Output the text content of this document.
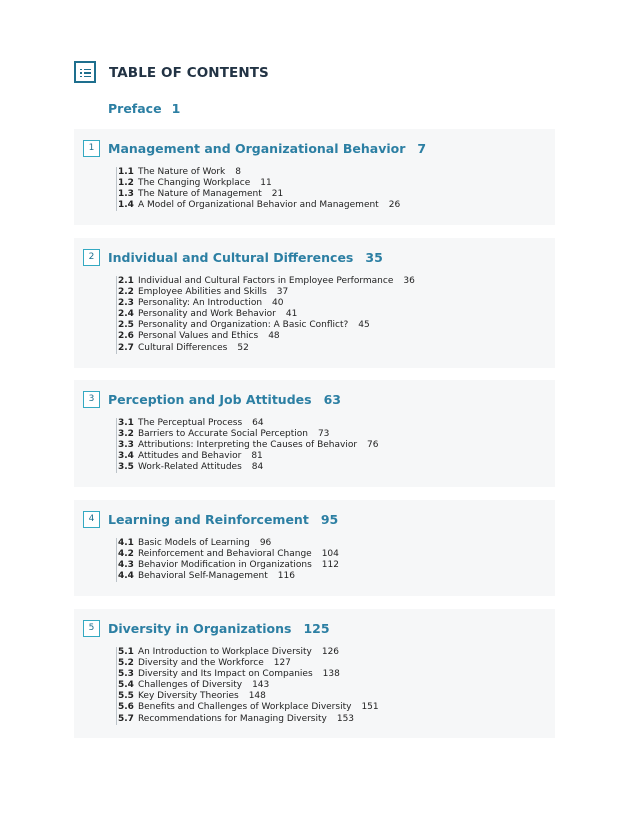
TABLE OF CONTENTS
Preface 1
1	Management and Organizational Behavior 7
1.1 The Nature of Work 8
1.2 The Changing Workplace 11
1.3 The Nature of Management 21
1.4 A Model of Organizational Behavior and Management 26
2	Individual and Cultural Differences 35
2.1 Individual and Cultural Factors in Employee Performance 36
2.2 Employee Abilities and Skills 37
2.3 Personality: An Introduction 40
2.4 Personality and Work Behavior 41
2.5 Personality and Organization: A Basic Conflict? 45
2.6 Personal Values and Ethics 48
2.7 Cultural Differences 52
3	Perception and Job Attitudes 63
3.1 The Perceptual Process 64
3.2 Barriers to Accurate Social Perception 73
3.3 Attributions: Interpreting the Causes of Behavior 76
3.4 Attitudes and Behavior 81
3.5 Work-Related Attitudes 84
4	Learning and Reinforcement 95
4.1 Basic Models of Learning 96
4.2 Reinforcement and Behavioral Change 104
4.3 Behavior Modification in Organizations 112
4.4 Behavioral Self-Management 116
5	Diversity in Organizations 125
5.1 An Introduction to Workplace Diversity 126
5.2 Diversity and the Workforce 127
5.3 Diversity and Its Impact on Companies 138
5.4 Challenges of Diversity 143
5.5 Key Diversity Theories 148
5.6 Benefits and Challenges of Workplace Diversity 151
5.7 Recommendations for Managing Diversity 153
